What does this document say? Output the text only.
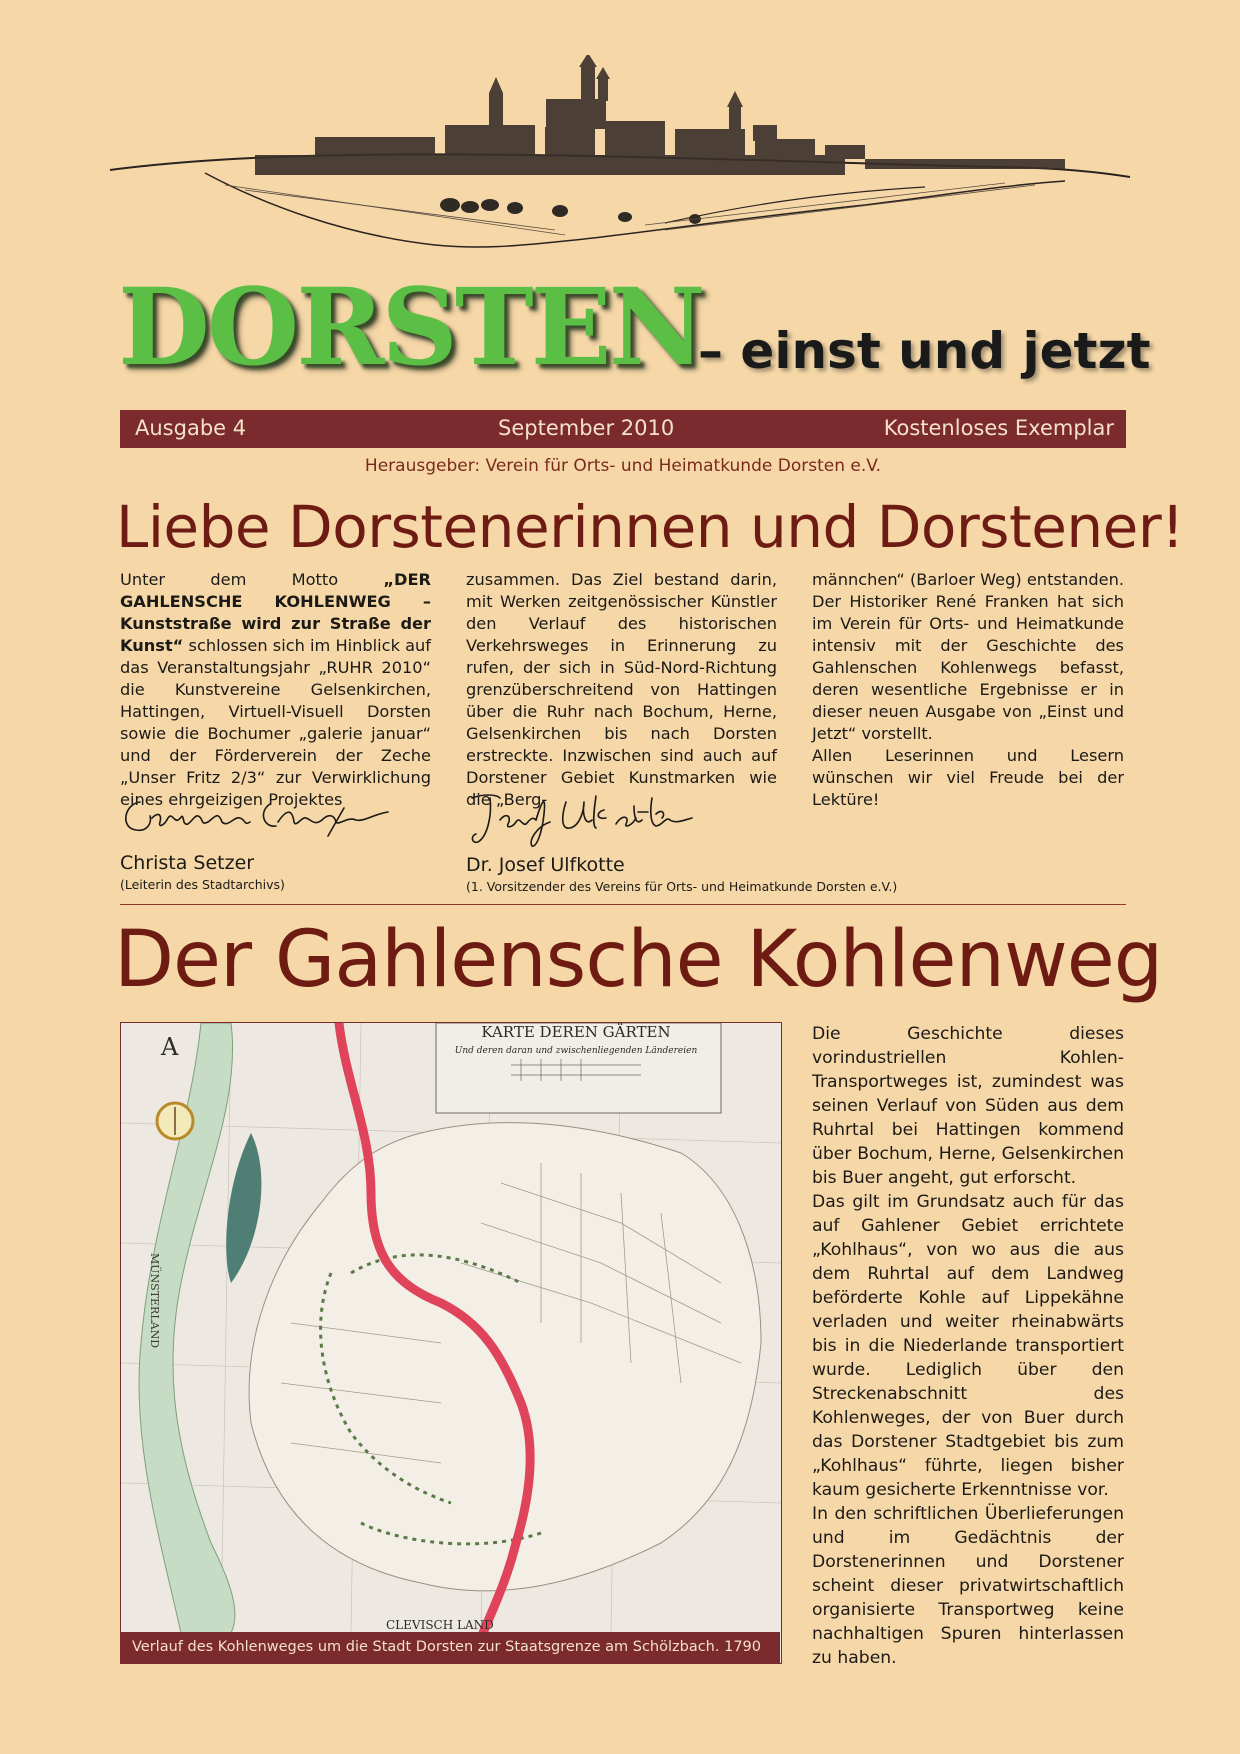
DORSTEN
– einst und jetzt
Ausgabe 4	September 2010	Kostenloses Exemplar
Herausgeber: Verein für Orts- und Heimatkunde Dorsten e.V.
Liebe Dorstenerinnen und Dorstener!

Unter dem Motto „DER GAHLENSCHE KOHLENWEG – Kunststraße wird zur Straße der Kunst“ schlossen sich im Hinblick auf das Veranstaltungsjahr „RUHR 2010“ die Kunstvereine Gelsenkirchen, Hattingen, Virtuell-Visuell Dorsten sowie die Bochumer „galerie januar“ und der Förderverein der Zeche „Unser Fritz 2/3“ zur Verwirklichung eines ehrgeizigen Projektes

zusammen. Das Ziel bestand darin, mit Werken zeitgenössischer Künstler den Verlauf des historischen Verkehrsweges in Erinnerung zu rufen, der sich in Süd-Nord-Richtung grenzüberschreitend von Hattingen über die Ruhr nach Bochum, Herne, Gelsenkirchen bis nach Dorsten erstreckte. Inzwischen sind auch auf Dorstener Gebiet Kunstmarken wie die „Berg-

männchen“ (Barloer Weg) entstanden. Der Historiker René Franken hat sich im Verein für Orts- und Heimatkunde intensiv mit der Geschichte des Gahlenschen Kohlenwegs befasst, deren wesentliche Ergebnisse er in dieser neuen Ausgabe von „Einst und Jetzt“ vorstellt.

Allen Leserinnen und Lesern wünschen wir viel Freude bei der Lektüre!

Christa Setzer
(Leiterin des Stadtarchivs)
Dr. Josef Ulfkotte
(1. Vorsitzender des Vereins für Orts- und Heimatkunde Dorsten e.V.)
Der Gahlensche Kohlenweg
KARTE DEREN GÄRTEN
Und deren daran und zwischenliegenden Ländereien
A
MÜNSTERLAND
CLEVISCH LAND
Verlauf des Kohlenweges um die Stadt Dorsten zur Staatsgrenze am Schölzbach. 1790

Die Geschichte dieses vorindustriellen Kohlen-Transportweges ist, zumindest was seinen Verlauf von Süden aus dem Ruhrtal bei Hattingen kommend über Bochum, Herne, Gelsenkirchen bis Buer angeht, gut erforscht.

Das gilt im Grundsatz auch für das auf Gahlener Gebiet errichtete „Kohlhaus“, von wo aus die aus dem Ruhrtal auf dem Landweg beförderte Kohle auf Lippekähne verladen und weiter rheinabwärts bis in die Niederlande transportiert wurde. Lediglich über den Streckenabschnitt des Kohlenweges, der von Buer durch das Dorstener Stadtgebiet bis zum „Kohlhaus“ führte, liegen bisher kaum gesicherte Erkenntnisse vor.

In den schriftlichen Überlieferungen und im Gedächtnis der Dorstenerinnen und Dorstener scheint dieser privatwirtschaftlich organisierte Transportweg keine nachhaltigen Spuren hinterlassen zu haben.
